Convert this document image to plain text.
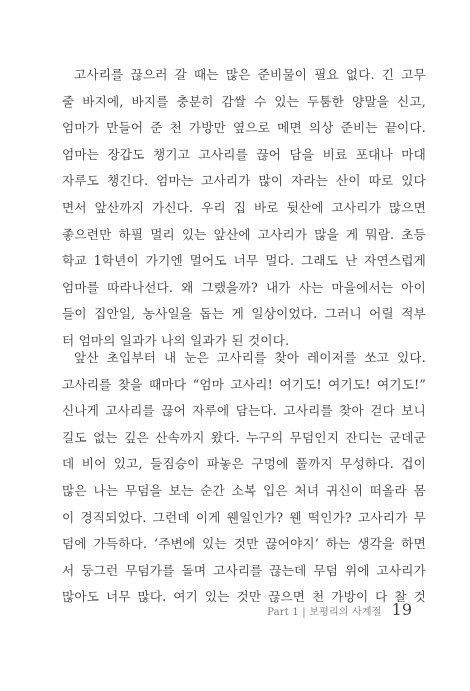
고사리를 끊으러 갈 때는 많은 준비물이 필요 없다. 긴 고무
줄 바지에, 바지를 충분히 감쌀 수 있는 두툼한 양말을 신고,
엄마가 만들어 준 천 가방만 옆으로 메면 의상 준비는 끝이다.
엄마는 장갑도 챙기고 고사리를 끊어 담을 비료 포대나 마대
자루도 챙긴다. 엄마는 고사리가 많이 자라는 산이 따로 있다
면서 앞산까지 가신다. 우리 집 바로 뒷산에 고사리가 많으면
좋으련만 하필 멀리 있는 앞산에 고사리가 많을 게 뭐람. 초등
학교 1학년이 가기엔 멀어도 너무 멀다. 그래도 난 자연스럽게
엄마를 따라나선다. 왜 그랬을까? 내가 사는 마을에서는 아이
들이 집안일, 농사일을 돕는 게 일상이었다. 그러니 어릴 적부
터 엄마의 일과가 나의 일과가 된 것이다.
앞산 초입부터 내 눈은 고사리를 찾아 레이저를 쏘고 있다.
고사리를 찾을 때마다 “엄마 고사리! 여기도! 여기도! 여기도!”
신나게 고사리를 끊어 자루에 담는다. 고사리를 찾아 걷다 보니
길도 없는 깊은 산속까지 왔다. 누구의 무덤인지 잔디는 군데군
데 비어 있고, 들짐승이 파놓은 구멍에 풀까지 무성하다. 겁이
많은 나는 무덤을 보는 순간 소복 입은 처녀 귀신이 떠올라 몸
이 경직되었다. 그런데 이게 웬일인가? 웬 떡인가? 고사리가 무
덤에 가득하다. ‘주변에 있는 것만 끊어야지’ 하는 생각을 하면
서 둥그런 무덤가를 돌며 고사리를 끊는데 무덤 위에 고사리가
많아도 너무 많다. 여기 있는 것만 끊으면 천 가방이 다 찰 것
Part 1 | 보평리의 사계절 19
